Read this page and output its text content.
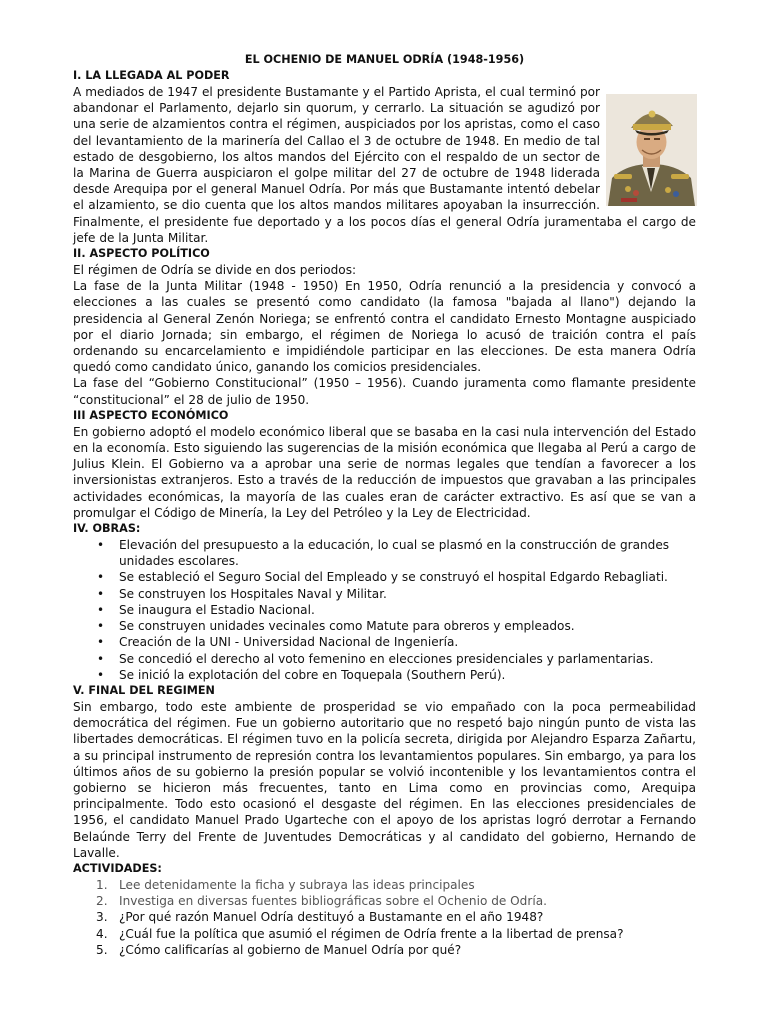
EL OCHENIO DE MANUEL ODRÍA (1948-1956)
I. LA LLEGADA AL PODER

A mediados de 1947 el presidente Bustamante y el Partido Aprista, el cual terminó por abandonar el Parlamento, dejarlo sin quorum, y cerrarlo. La situación se agudizó por una serie de alzamientos contra el régimen, auspiciados por los apristas, como el caso del levantamiento de la marinería del Callao el 3 de octubre de 1948. En medio de tal estado de desgobierno, los altos mandos del Ejército con el respaldo de un sector de la Marina de Guerra auspiciaron el golpe militar del 27 de octubre de 1948 liderada desde Arequipa por el general Manuel Odría. Por más que Bustamante intentó debelar el alzamiento, se dio cuenta que los altos mandos militares apoyaban la insurrección. Finalmente, el presidente fue deportado y a los pocos días el general Odría juramentaba el cargo de jefe de la Junta Militar.

II. ASPECTO POLÍTICO

El régimen de Odría se divide en dos periodos:

La fase de la Junta Militar (1948 - 1950) En 1950, Odría renunció a la presidencia y convocó a elecciones a las cuales se presentó como candidato (la famosa "bajada al llano") dejando la presidencia al General Zenón Noriega; se enfrentó contra el candidato Ernesto Montagne auspiciado por el diario Jornada; sin embargo, el régimen de Noriega lo acusó de traición contra el país ordenando su encarcelamiento e impidiéndole participar en las elecciones. De esta manera Odría quedó como candidato único, ganando los comicios presidenciales.

La fase del “Gobierno Constitucional” (1950 – 1956). Cuando juramenta como flamante presidente “constitucional” el 28 de julio de 1950.

III ASPECTO ECONÓMICO

En gobierno adoptó el modelo económico liberal que se basaba en la casi nula intervención del Estado en la economía. Esto siguiendo las sugerencias de la misión económica que llegaba al Perú a cargo de Julius Klein. El Gobierno va a aprobar una serie de normas legales que tendían a favorecer a los inversionistas extranjeros. Esto a través de la reducción de impuestos que gravaban a las principales actividades económicas, la mayoría de las cuales eran de carácter extractivo. Es así que se van a promulgar el Código de Minería, la Ley del Petróleo y la Ley de Electricidad.

IV. OBRAS:
• Elevación del presupuesto a la educación, lo cual se plasmó en la construcción de grandes unidades escolares.
• Se estableció el Seguro Social del Empleado y se construyó el hospital Edgardo Rebagliati.
• Se construyen los Hospitales Naval y Militar.
• Se inaugura el Estadio Nacional.
• Se construyen unidades vecinales como Matute para obreros y empleados.
• Creación de la UNI - Universidad Nacional de Ingeniería.
• Se concedió el derecho al voto femenino en elecciones presidenciales y parlamentarias.
• Se inició la explotación del cobre en Toquepala (Southern Perú).
V. FINAL DEL REGIMEN

Sin embargo, todo este ambiente de prosperidad se vio empañado con la poca permeabilidad democrática del régimen. Fue un gobierno autoritario que no respetó bajo ningún punto de vista las libertades democráticas. El régimen tuvo en la policía secreta, dirigida por Alejandro Esparza Zañartu, a su principal instrumento de represión contra los levantamientos populares. Sin embargo, ya para los últimos años de su gobierno la presión popular se volvió incontenible y los levantamientos contra el gobierno se hicieron más frecuentes, tanto en Lima como en provincias como, Arequipa principalmente. Todo esto ocasionó el desgaste del régimen. En las elecciones presidenciales de 1956, el candidato Manuel Prado Ugarteche con el apoyo de los apristas logró derrotar a Fernando Belaúnde Terry del Frente de Juventudes Democráticas y al candidato del gobierno, Hernando de Lavalle.

ACTIVIDADES:
1. Lee detenidamente la ficha y subraya las ideas principales
2. Investiga en diversas fuentes bibliográficas sobre el Ochenio de Odría.
3. ¿Por qué razón Manuel Odría destituyó a Bustamante en el año 1948?
4. ¿Cuál fue la política que asumió el régimen de Odría frente a la libertad de prensa?
5. ¿Cómo calificarías al gobierno de Manuel Odría por qué?
